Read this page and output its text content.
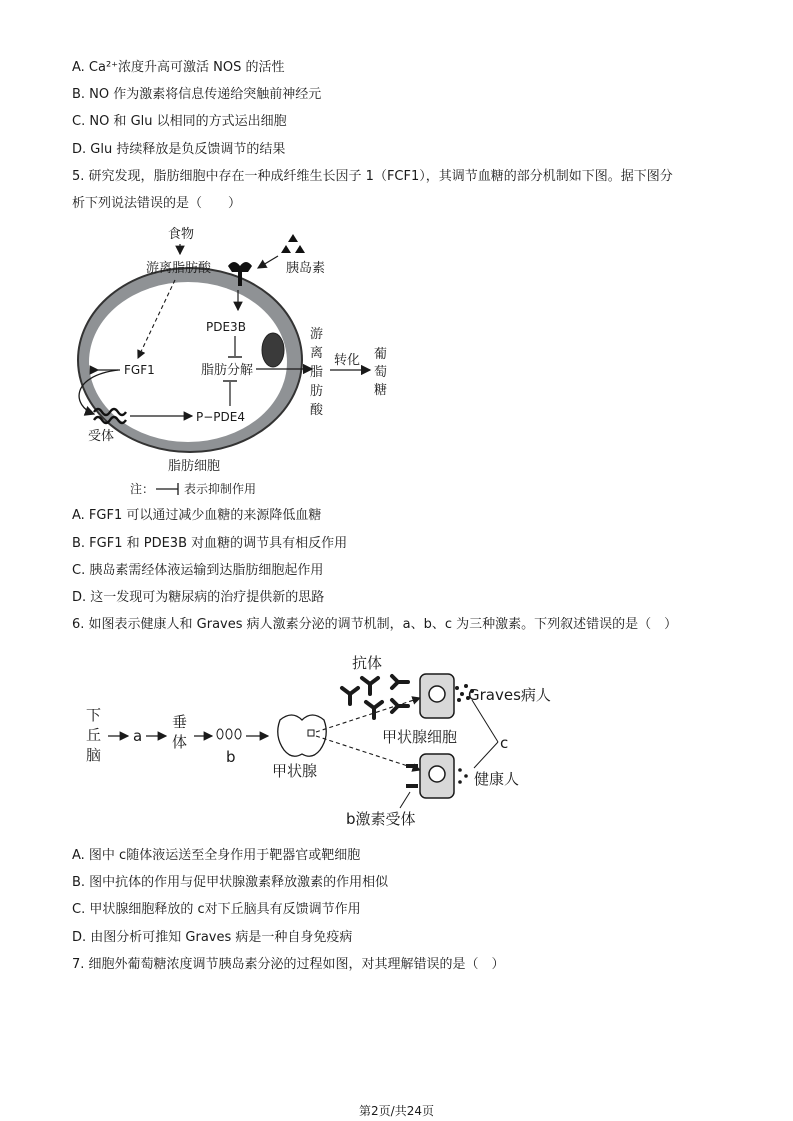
A. Ca²⁺浓度升高可激活 NOS 的活性
B. NO 作为激素将信息传递给突触前神经元
C. NO 和 Glu 以相同的方式运出细胞
D. Glu 持续释放是负反馈调节的结果
5. 研究发现，脂肪细胞中存在一种成纤维生长因子 1（FCF1），其调节血糖的部分机制如下图。据下图分
析下列说法错误的是（　　）
食物
游离脂肪酸	胰岛素
PDE3B
脂肪分解
FGF1
P−PDE4
受体
脂肪细胞
注： 表示抑制作用
游
离
脂
肪
酸
转化 葡
萄
糖
A. FGF1 可以通过减少血糖的来源降低血糖
B. FGF1 和 PDE3B 对血糖的调节具有相反作用
C. 胰岛素需经体液运输到达脂肪细胞起作用
D. 这一发现可为糖尿病的治疗提供新的思路
6. 如图表示健康人和 Graves 病人激素分泌的调节机制，a、b、c 为三种激素。下列叙述错误的是（　）
下
丘
脑
a
垂
体
b
甲状腺
抗体
Graves病人
甲状腺细胞	c
健康人
b激素受体
A. 图中 c随体液运送至全身作用于靶器官或靶细胞
B. 图中抗体的作用与促甲状腺激素释放激素的作用相似
C. 甲状腺细胞释放的 c对下丘脑具有反馈调节作用
D. 由图分析可推知 Graves 病是一种自身免疫病
7. 细胞外葡萄糖浓度调节胰岛素分泌的过程如图，对其理解错误的是（　）
第2页/共24页
